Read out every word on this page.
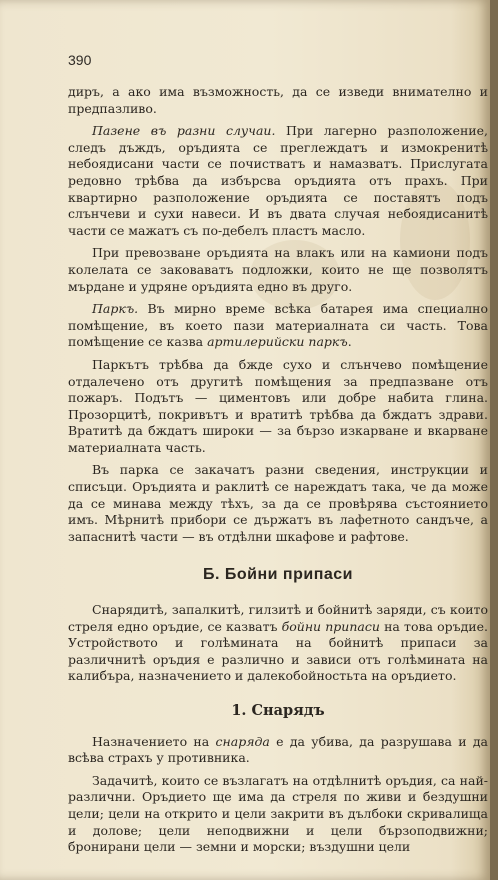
390

диръ, а ако има възможность, да се изведи внимателно и предпазливо.

Пазене въ разни случаи. При лагерно разположение, следъ дъждъ, оръдията се преглеждатъ и измокренитѣ небоядисани части се почистватъ и намазватъ. Прислугата редовно трѣбва да избърсва оръдията отъ прахъ. При квартирно разположение оръдията се поставятъ подъ слънчеви и сухи навеси. И въ двата случая небоядисанитѣ части се мажатъ съ по-дебелъ пластъ масло.

При превозване оръдията на влакъ или на камиони подъ колелата се заковаватъ подложки, които не ще позволятъ мърдане и удряне оръдията едно въ друго.

Паркъ. Въ мирно време всѣка батарея има специално помѣщение, въ което пази материалната си часть. Това помѣщение се казва артилерийски паркъ.

Паркътъ трѣбва да бжде сухо и слънчево помѣщение отдалечено отъ другитѣ помѣщения за предпазване отъ пожаръ. Подътъ — циментовъ или добре набита глина. Прозорцитѣ, покривътъ и вратитѣ трѣбва да бждатъ здрави. Вратитѣ да бждатъ широки — за бързо изкарване и вкарване материалната часть.

Въ парка се закачатъ разни сведения, инструкции и списъци. Оръдията и раклитѣ се нареждатъ така, че да може да се минава между тѣхъ, за да се провѣрява състоянието имъ. Мѣрнитѣ прибори се държатъ въ лафетното сандъче, а запаснитѣ части — въ отдѣлни шкафове и рафтове.

Б. Бойни припаси

Снарядитѣ, запалкитѣ, гилзитѣ и бойнитѣ заряди, съ които стреля едно оръдие, се казватъ бойни припаси на това оръдие. Устройството и голѣмината на бойнитѣ припаси за различнитѣ оръдия е различно и зависи отъ голѣмината на калибъра, назначението и далекобойностьта на оръдието.

1. Снарядъ

Назначението на снаряда е да убива, да разрушава и да всѣва страхъ у противника.

Задачитѣ, които се възлагатъ на отдѣлнитѣ оръдия, са най-различни. Оръдието ще има да стреля по живи и бездушни цели; цели на открито и цели закрити въ дълбоки скривалища и долове; цели неподвижни и цели бързоподвижни; бронирани цели — земни и морски; въздушни цели
